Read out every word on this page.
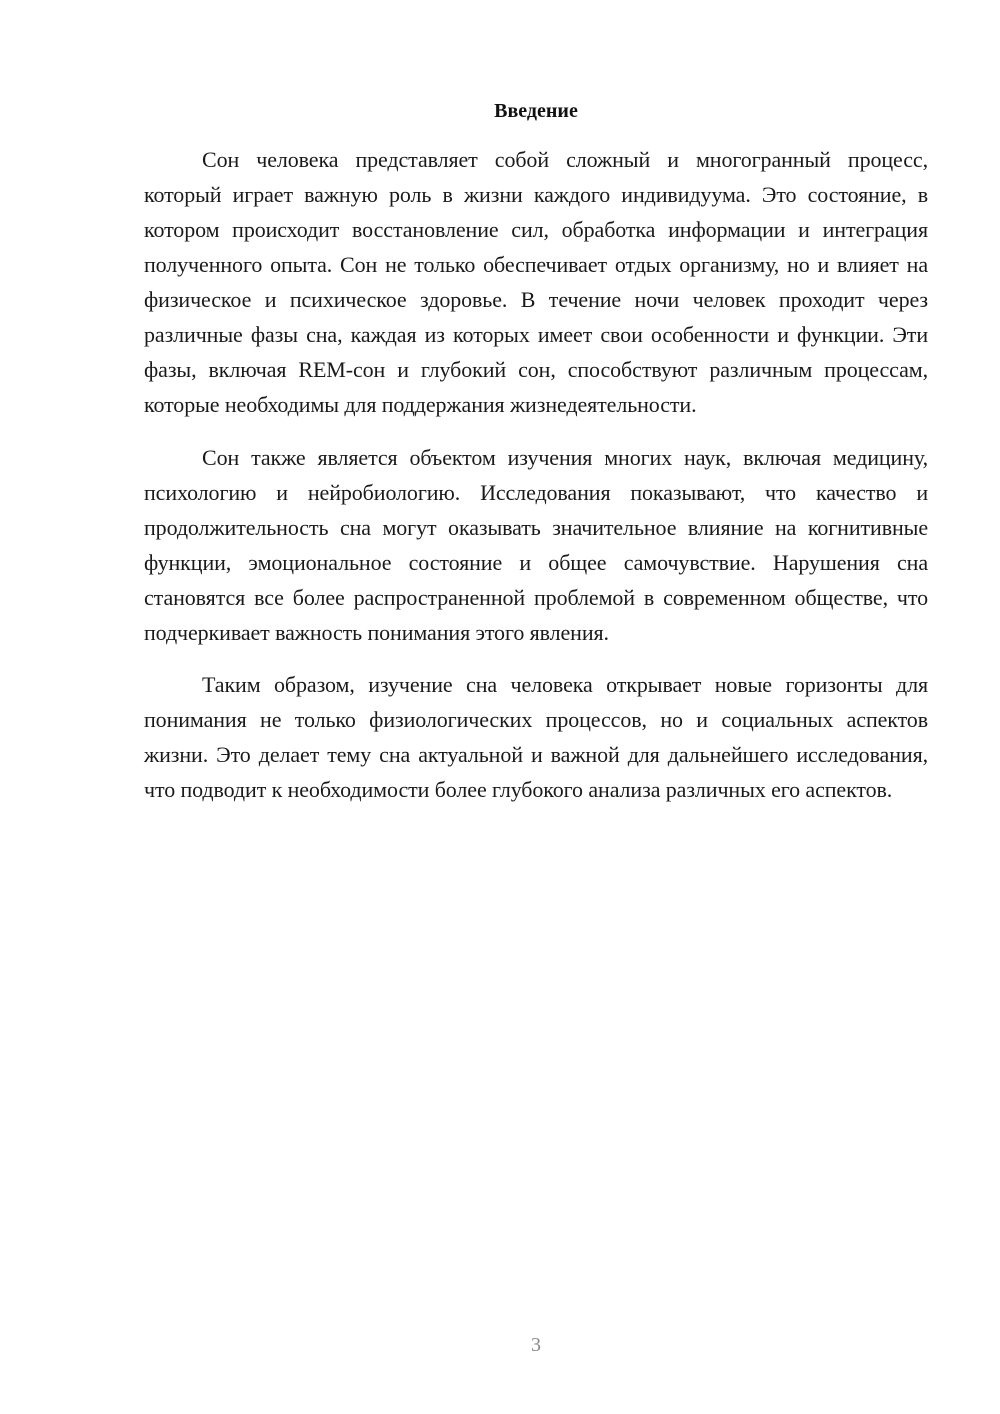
Введение

Сон человека представляет собой сложный и многогранный процесс, который играет важную роль в жизни каждого индивидуума. Это состояние, в котором происходит восстановление сил, обработка информации и интеграция полученного опыта. Сон не только обеспечивает отдых организму, но и влияет на физическое и психическое здоровье. В течение ночи человек проходит через различные фазы сна, каждая из которых имеет свои особенности и функции. Эти фазы, включая REM-сон и глубокий сон, способствуют различным процессам, которые необходимы для поддержания жизнедеятельности.

Сон также является объектом изучения многих наук, включая медицину, психологию и нейробиологию. Исследования показывают, что качество и продолжительность сна могут оказывать значительное влияние на когнитивные функции, эмоциональное состояние и общее самочувствие. Нарушения сна становятся все более распространенной проблемой в современном обществе, что подчеркивает важность понимания этого явления.

Таким образом, изучение сна человека открывает новые горизонты для понимания не только физиологических процессов, но и социальных аспектов жизни. Это делает тему сна актуальной и важной для дальнейшего исследования, что подводит к необходимости более глубокого анализа различных его аспектов.

3
